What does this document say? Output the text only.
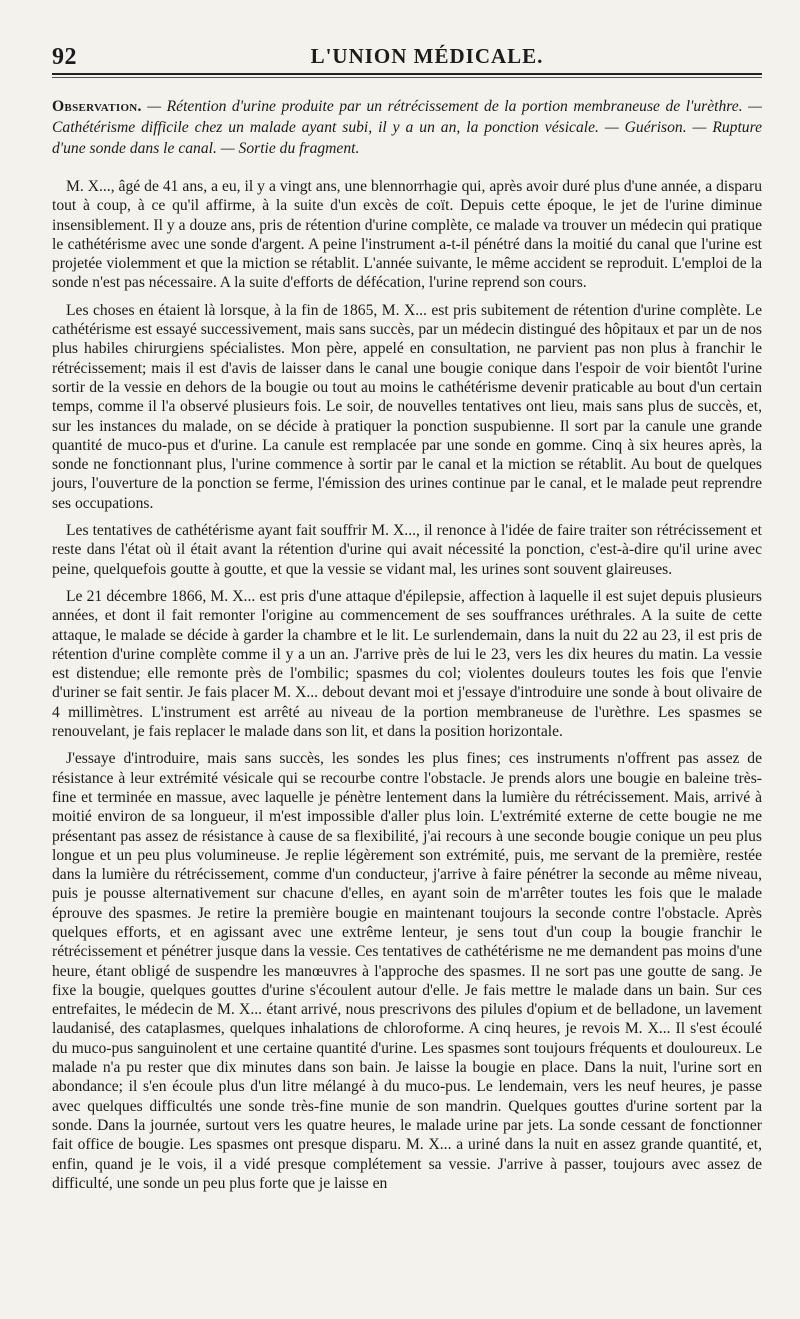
92	L'UNION MÉDICALE.
Observation. — Rétention d'urine produite par un rétrécissement de la portion membraneuse de l'urèthre. — Cathétérisme difficile chez un malade ayant subi, il y a un an, la ponction vésicale. — Guérison. — Rupture d'une sonde dans le canal. — Sortie du fragment.

M. X..., âgé de 41 ans, a eu, il y a vingt ans, une blennorrhagie qui, après avoir duré plus d'une année, a disparu tout à coup, à ce qu'il affirme, à la suite d'un excès de coït. Depuis cette époque, le jet de l'urine diminue insensiblement. Il y a douze ans, pris de rétention d'urine complète, ce malade va trouver un médecin qui pratique le cathétérisme avec une sonde d'argent. A peine l'instrument a-t-il pénétré dans la moitié du canal que l'urine est projetée violemment et que la miction se rétablit. L'année suivante, le même accident se reproduit. L'emploi de la sonde n'est pas nécessaire. A la suite d'efforts de défécation, l'urine reprend son cours.

Les choses en étaient là lorsque, à la fin de 1865, M. X... est pris subitement de rétention d'urine complète. Le cathétérisme est essayé successivement, mais sans succès, par un médecin distingué des hôpitaux et par un de nos plus habiles chirurgiens spécialistes. Mon père, appelé en consultation, ne parvient pas non plus à franchir le rétrécissement; mais il est d'avis de laisser dans le canal une bougie conique dans l'espoir de voir bientôt l'urine sortir de la vessie en dehors de la bougie ou tout au moins le cathétérisme devenir praticable au bout d'un certain temps, comme il l'a observé plusieurs fois. Le soir, de nouvelles tentatives ont lieu, mais sans plus de succès, et, sur les instances du malade, on se décide à pratiquer la ponction suspubienne. Il sort par la canule une grande quantité de muco-pus et d'urine. La canule est remplacée par une sonde en gomme. Cinq à six heures après, la sonde ne fonctionnant plus, l'urine commence à sortir par le canal et la miction se rétablit. Au bout de quelques jours, l'ouverture de la ponction se ferme, l'émission des urines continue par le canal, et le malade peut reprendre ses occupations.

Les tentatives de cathétérisme ayant fait souffrir M. X..., il renonce à l'idée de faire traiter son rétrécissement et reste dans l'état où il était avant la rétention d'urine qui avait nécessité la ponction, c'est-à-dire qu'il urine avec peine, quelquefois goutte à goutte, et que la vessie se vidant mal, les urines sont souvent glaireuses.

Le 21 décembre 1866, M. X... est pris d'une attaque d'épilepsie, affection à laquelle il est sujet depuis plusieurs années, et dont il fait remonter l'origine au commencement de ses souffrances uréthrales. A la suite de cette attaque, le malade se décide à garder la chambre et le lit. Le surlendemain, dans la nuit du 22 au 23, il est pris de rétention d'urine complète comme il y a un an. J'arrive près de lui le 23, vers les dix heures du matin. La vessie est distendue; elle remonte près de l'ombilic; spasmes du col; violentes douleurs toutes les fois que l'envie d'uriner se fait sentir. Je fais placer M. X... debout devant moi et j'essaye d'introduire une sonde à bout olivaire de 4 millimètres. L'instrument est arrêté au niveau de la portion membraneuse de l'urèthre. Les spasmes se renouvelant, je fais replacer le malade dans son lit, et dans la position horizontale.

J'essaye d'introduire, mais sans succès, les sondes les plus fines; ces instruments n'offrent pas assez de résistance à leur extrémité vésicale qui se recourbe contre l'obstacle. Je prends alors une bougie en baleine très-fine et terminée en massue, avec laquelle je pénètre lentement dans la lumière du rétrécissement. Mais, arrivé à moitié environ de sa longueur, il m'est impossible d'aller plus loin. L'extrémité externe de cette bougie ne me présentant pas assez de résistance à cause de sa flexibilité, j'ai recours à une seconde bougie conique un peu plus longue et un peu plus volumineuse. Je replie légèrement son extrémité, puis, me servant de la première, restée dans la lumière du rétrécissement, comme d'un conducteur, j'arrive à faire pénétrer la seconde au même niveau, puis je pousse alternativement sur chacune d'elles, en ayant soin de m'arrêter toutes les fois que le malade éprouve des spasmes. Je retire la première bougie en maintenant toujours la seconde contre l'obstacle. Après quelques efforts, et en agissant avec une extrême lenteur, je sens tout d'un coup la bougie franchir le rétrécissement et pénétrer jusque dans la vessie. Ces tentatives de cathétérisme ne me demandent pas moins d'une heure, étant obligé de suspendre les manœuvres à l'approche des spasmes. Il ne sort pas une goutte de sang. Je fixe la bougie, quelques gouttes d'urine s'écoulent autour d'elle. Je fais mettre le malade dans un bain. Sur ces entrefaites, le médecin de M. X... étant arrivé, nous prescrivons des pilules d'opium et de belladone, un lavement laudanisé, des cataplasmes, quelques inhalations de chloroforme. A cinq heures, je revois M. X... Il s'est écoulé du muco-pus sanguinolent et une certaine quantité d'urine. Les spasmes sont toujours fréquents et douloureux. Le malade n'a pu rester que dix minutes dans son bain. Je laisse la bougie en place. Dans la nuit, l'urine sort en abondance; il s'en écoule plus d'un litre mélangé à du muco-pus. Le lendemain, vers les neuf heures, je passe avec quelques difficultés une sonde très-fine munie de son mandrin. Quelques gouttes d'urine sortent par la sonde. Dans la journée, surtout vers les quatre heures, le malade urine par jets. La sonde cessant de fonctionner fait office de bougie. Les spasmes ont presque disparu. M. X... a uriné dans la nuit en assez grande quantité, et, enfin, quand je le vois, il a vidé presque complétement sa vessie. J'arrive à passer, toujours avec assez de difficulté, une sonde un peu plus forte que je laisse en
